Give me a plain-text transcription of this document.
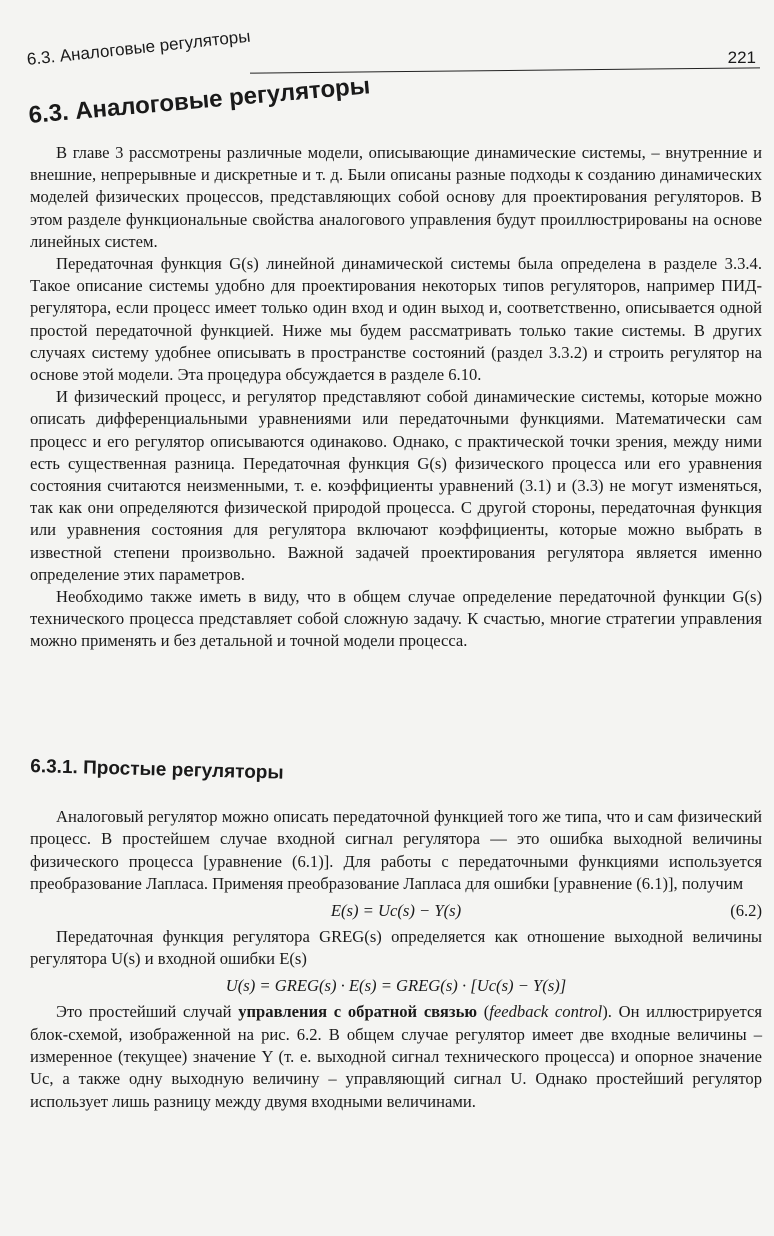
6.3. Аналоговые регуляторы	221
6.3. Аналоговые регуляторы

В главе 3 рассмотрены различные модели, описывающие динамические системы, – внутренние и внешние, непрерывные и дискретные и т. д. Были описаны разные подходы к созданию динамических моделей физических процессов, представляющих собой основу для проектирования регуляторов. В этом разделе функциональные свойства аналогового управления будут проиллюстрированы на основе линейных систем.

Передаточная функция G(s) линейной динамической системы была определена в разделе 3.3.4. Такое описание системы удобно для проектирования некоторых типов регуляторов, например ПИД-регулятора, если процесс имеет только один вход и один выход и, соответственно, описывается одной простой передаточной функцией. Ниже мы будем рассматривать только такие системы. В других случаях систему удобнее описывать в пространстве состояний (раздел 3.3.2) и строить регулятор на основе этой модели. Эта процедура обсуждается в разделе 6.10.

И физический процесс, и регулятор представляют собой динамические системы, которые можно описать дифференциальными уравнениями или передаточными функциями. Математически сам процесс и его регулятор описываются одинаково. Однако, с практической точки зрения, между ними есть существенная разница. Передаточная функция G(s) физического процесса или его уравнения состояния считаются неизменными, т. е. коэффициенты уравнений (3.1) и (3.3) не могут изменяться, так как они определяются физической природой процесса. С другой стороны, передаточная функция или уравнения состояния для регулятора включают коэффициенты, которые можно выбрать в известной степени произвольно. Важной задачей проектирования регулятора является именно определение этих параметров.

Необходимо также иметь в виду, что в общем случае определение передаточной функции G(s) технического процесса представляет собой сложную задачу. К счастью, многие стратегии управления можно применять и без детальной и точной модели процесса.

6.3.1. Простые регуляторы

Аналоговый регулятор можно описать передаточной функцией того же типа, что и сам физический процесс. В простейшем случае входной сигнал регулятора — это ошибка выходной величины физического процесса [уравнение (6.1)]. Для работы с передаточными функциями используется преобразование Лапласа. Применяя преобразование Лапласа для ошибки [уравнение (6.1)], получим

E(s) = Uc(s) − Y(s)	(6.2)

Передаточная функция регулятора GREG(s) определяется как отношение выходной величины регулятора U(s) и входной ошибки E(s)

U(s) = GREG(s) · E(s) = GREG(s) · [Uc(s) − Y(s)]

Это простейший случай управления с обратной связью (feedback control). Он иллюстрируется блок-схемой, изображенной на рис. 6.2. В общем случае регулятор имеет две входные величины – измеренное (текущее) значение Y (т. е. выходной сигнал технического процесса) и опорное значение Uc, а также одну выходную величину – управляющий сигнал U. Однако простейший регулятор использует лишь разницу между двумя входными величинами.
